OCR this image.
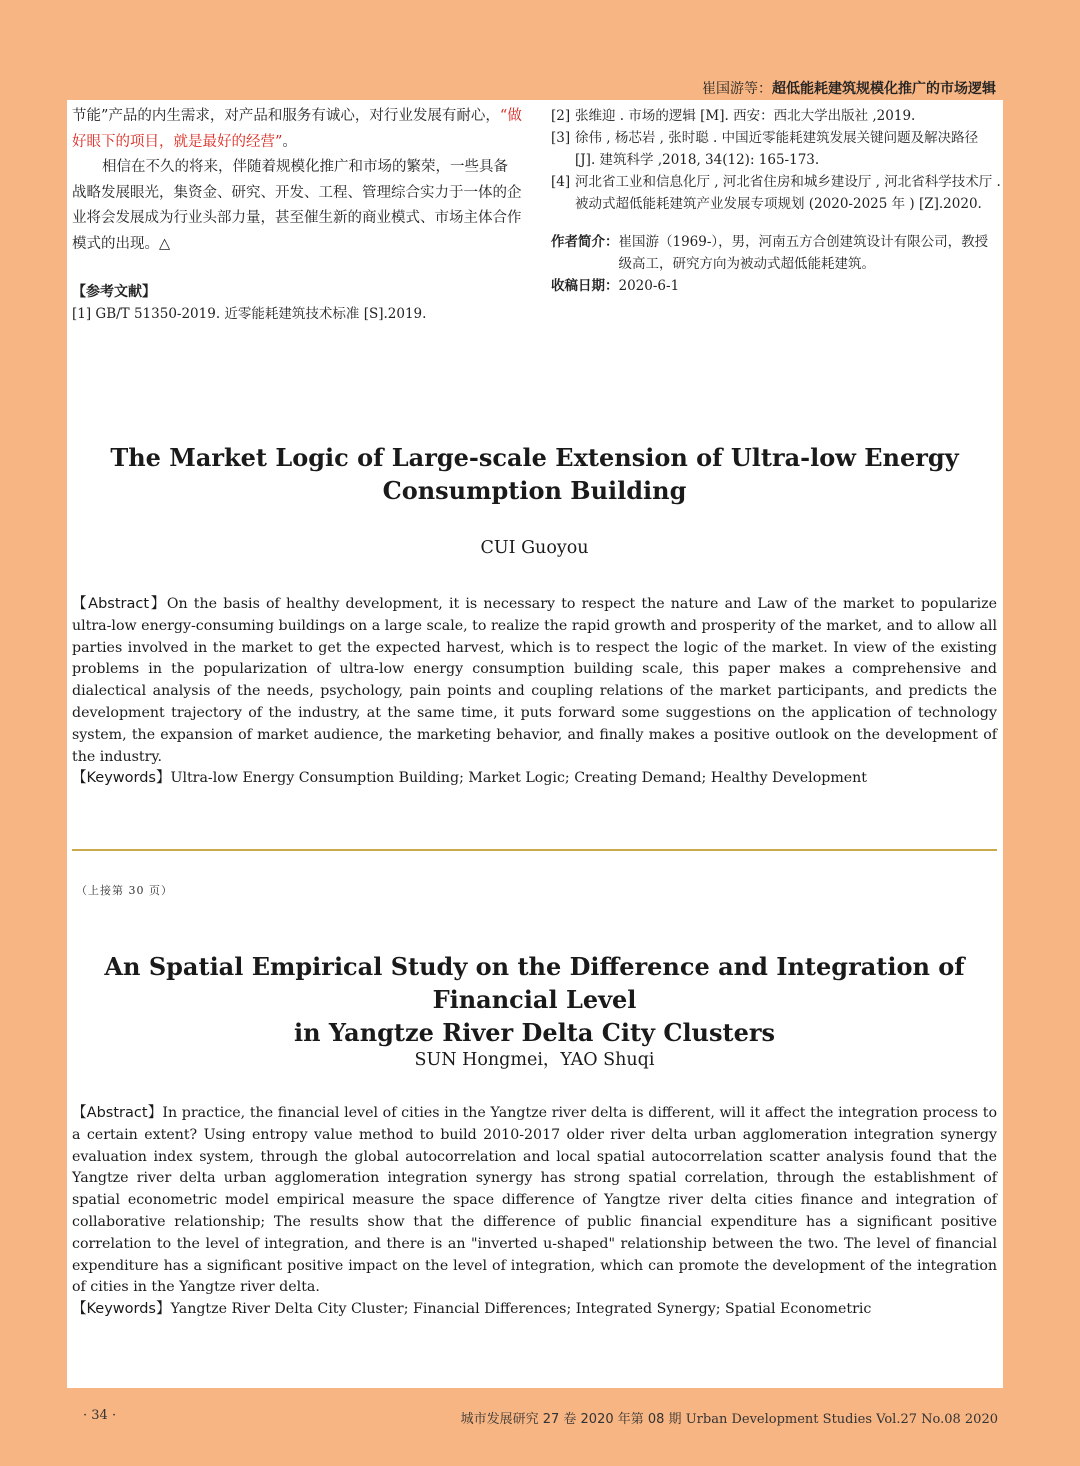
崔国游等：超低能耗建筑规模化推广的市场逻辑

节能”产品的内生需求，对产品和服务有诚心，对行业发展有耐心，“做好眼下的项目，就是最好的经营”。

相信在不久的将来，伴随着规模化推广和市场的繁荣，一些具备战略发展眼光，集资金、研究、开发、工程、管理综合实力于一体的企业将会发展成为行业头部力量，甚至催生新的商业模式、市场主体合作模式的出现。△

【参考文献】
[1] GB/T 51350-2019. 近零能耗建筑技术标准 [S].2019.
[2] 张维迎 . 市场的逻辑 [M]. 西安：西北大学出版社 ,2019.
[3] 徐伟 , 杨芯岩 , 张时聪 . 中国近零能耗建筑发展关键问题及解决路径 [J]. 建筑科学 ,2018, 34(12): 165-173.
[4] 河北省工业和信息化厅 , 河北省住房和城乡建设厅 , 河北省科学技术厅 . 被动式超低能耗建筑产业发展专项规划 (2020-2025 年 ) [Z].2020.
作者简介： 崔国游（1969-），男，河南五方合创建筑设计有限公司，教授级高工，研究方向为被动式超低能耗建筑。
收稿日期： 2020-6-1
The Market Logic of Large-scale Extension of Ultra-low Energy
Consumption Building
CUI Guoyou

【Abstract】On the basis of healthy development, it is necessary to respect the nature and Law of the market to popularize ultra-low energy-consuming buildings on a large scale, to realize the rapid growth and prosperity of the market, and to allow all parties involved in the market to get the expected harvest, which is to respect the logic of the market. In view of the existing problems in the popularization of ultra-low energy consumption building scale, this paper makes a comprehensive and dialectical analysis of the needs, psychology, pain points and coupling relations of the market participants, and predicts the development trajectory of the industry, at the same time, it puts forward some suggestions on the application of technology system, the expansion of market audience, the marketing behavior, and finally makes a positive outlook on the development of the industry.

【Keywords】Ultra-low Energy Consumption Building; Market Logic; Creating Demand; Healthy Development

（上接第 30 页）
An Spatial Empirical Study on the Difference and Integration of Financial Level
in Yangtze River Delta City Clusters
SUN Hongmei，YAO Shuqi

【Abstract】In practice, the financial level of cities in the Yangtze river delta is different, will it affect the integration process to a certain extent? Using entropy value method to build 2010-2017 older river delta urban agglomeration integration synergy evaluation index system, through the global autocorrelation and local spatial autocorrelation scatter analysis found that the Yangtze river delta urban agglomeration integration synergy has strong spatial correlation, through the establishment of spatial econometric model empirical measure the space difference of Yangtze river delta cities finance and integration of collaborative relationship; The results show that the difference of public financial expenditure has a significant positive correlation to the level of integration, and there is an "inverted u-shaped" relationship between the two. The level of financial expenditure has a significant positive impact on the level of integration, which can promote the development of the integration of cities in the Yangtze river delta.

【Keywords】Yangtze River Delta City Cluster; Financial Differences; Integrated Synergy; Spatial Econometric

· 34 ·	城市发展研究 27 卷 2020 年第 08 期 Urban Development Studies Vol.27 No.08 2020
